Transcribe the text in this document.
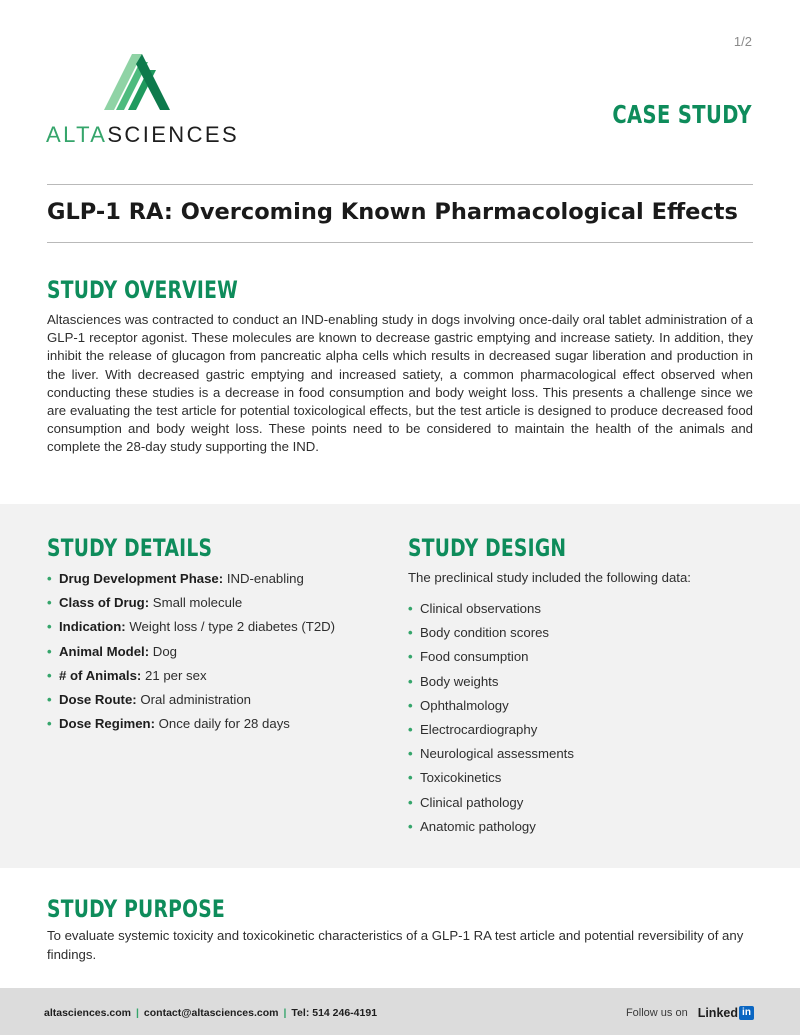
1/2
ALTASCIENCES
CASE STUDY
GLP-1 RA: Overcoming Known Pharmacological Effects
STUDY OVERVIEW

Altasciences was contracted to conduct an IND-enabling study in dogs involving once-daily oral tablet administration of a GLP-1 receptor agonist. These molecules are known to decrease gastric emptying and increase satiety. In addition, they inhibit the release of glucagon from pancreatic alpha cells which results in decreased sugar liberation and production in the liver. With decreased gastric emptying and increased satiety, a common pharmacological effect observed when conducting these studies is a decrease in food consumption and body weight loss. This presents a challenge since we are evaluating the test article for potential toxicological effects, but the test article is designed to produce decreased food consumption and body weight loss. These points need to be considered to maintain the health of the animals and complete the 28-day study supporting the IND.

STUDY DETAILS
• Drug Development Phase: IND-enabling
• Class of Drug: Small molecule
• Indication: Weight loss / type 2 diabetes (T2D)
• Animal Model: Dog
• # of Animals: 21 per sex
• Dose Route: Oral administration
• Dose Regimen: Once daily for 28 days
STUDY DESIGN
The preclinical study included the following data:
• Clinical observations
• Body condition scores
• Food consumption
• Body weights
• Ophthalmology
• Electrocardiography
• Neurological assessments
• Toxicokinetics
• Clinical pathology
• Anatomic pathology
STUDY PURPOSE

To evaluate systemic toxicity and toxicokinetic characteristics of a GLP-1 RA test article and potential reversibility of any findings.

altasciences.com | contact@altasciences.com | Tel: 514 246-4191	Follow us on Linked in
